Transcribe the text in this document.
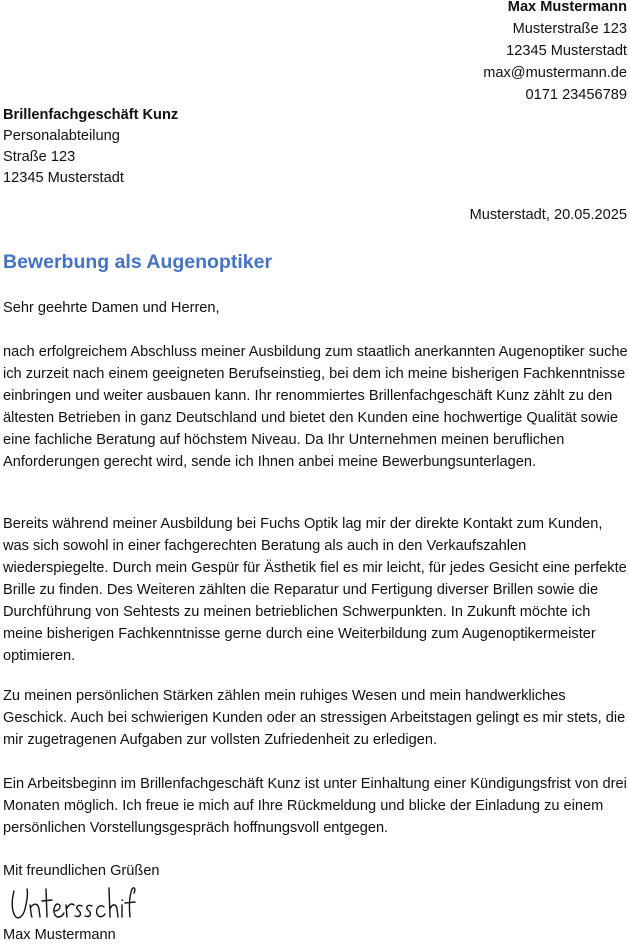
Max Mustermann
Musterstraße 123
12345 Musterstadt
max@mustermann.de
0171 23456789
Brillenfachgeschäft Kunz
Personalabteilung
Straße 123
12345 Musterstadt
Musterstadt, 20.05.2025
Bewerbung als Augenoptiker
Sehr geehrte Damen und Herren,

nach erfolgreichem Abschluss meiner Ausbildung zum staatlich anerkannten Augenoptiker suche ich zurzeit nach einem geeigneten Berufseinstieg, bei dem ich meine bisherigen Fachkenntnisse einbringen und weiter ausbauen kann. Ihr renommiertes Brillenfachgeschäft Kunz zählt zu den ältesten Betrieben in ganz Deutschland und bietet den Kunden eine hochwertige Qualität sowie eine fachliche Beratung auf höchstem Niveau. Da Ihr Unternehmen meinen beruflichen Anforderungen gerecht wird, sende ich Ihnen anbei meine Bewerbungsunterlagen.

Bereits während meiner Ausbildung bei Fuchs Optik lag mir der direkte Kontakt zum Kunden, was sich sowohl in einer fachgerechten Beratung als auch in den Verkaufszahlen wiederspiegelte. Durch mein Gespür für Ästhetik fiel es mir leicht, für jedes Gesicht eine perfekte Brille zu finden. Des Weiteren zählten die Reparatur und Fertigung diverser Brillen sowie die Durchführung von Sehtests zu meinen betrieblichen Schwerpunkten. In Zukunft möchte ich meine bisherigen Fachkenntnisse gerne durch eine Weiterbildung zum Augenoptikermeister optimieren.

Zu meinen persönlichen Stärken zählen mein ruhiges Wesen und mein handwerkliches Geschick. Auch bei schwierigen Kunden oder an stressigen Arbeitstagen gelingt es mir stets, die mir zugetragenen Aufgaben zur vollsten Zufriedenheit zu erledigen.

Ein Arbeitsbeginn im Brillenfachgeschäft Kunz ist unter Einhaltung einer Kündigungsfrist von drei Monaten möglich. Ich freue ie mich auf Ihre Rückmeldung und blicke der Einladung zu einem persönlichen Vorstellungsgespräch hoffnungsvoll entgegen.

Mit freundlichen Grüßen
Max Mustermann
